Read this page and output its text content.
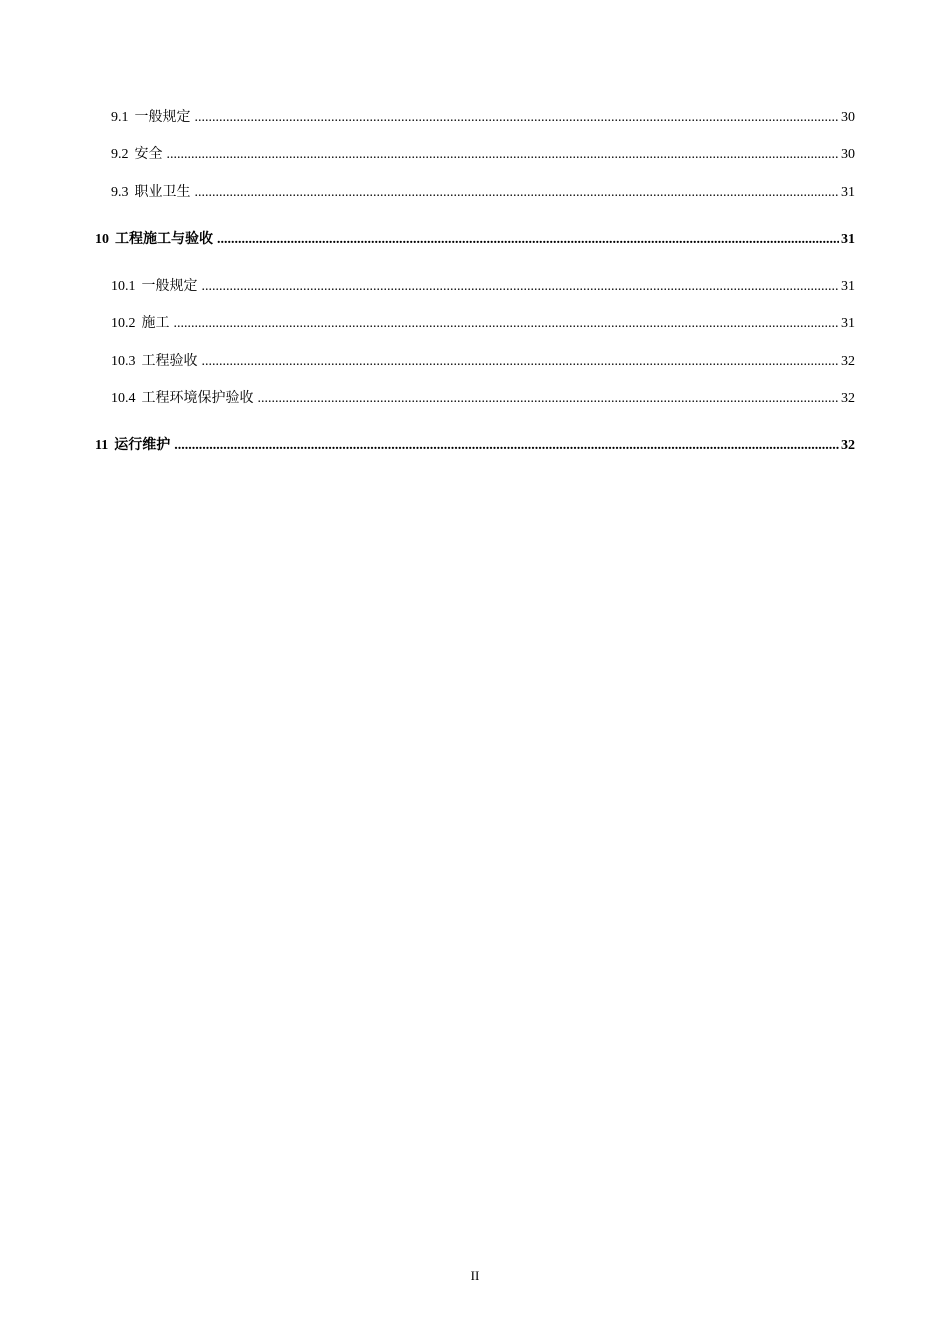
9.1 一般规定 .....	30
9.2 安全 .....	30
9.3 职业卫生 .....	31
10 工程施工与验收 .....	31
10.1 一般规定 .....	31
10.2 施工 .....	31
10.3 工程验收 .....	32
10.4 工程环境保护验收 .....	32
11 运行维护 .....	32
II
